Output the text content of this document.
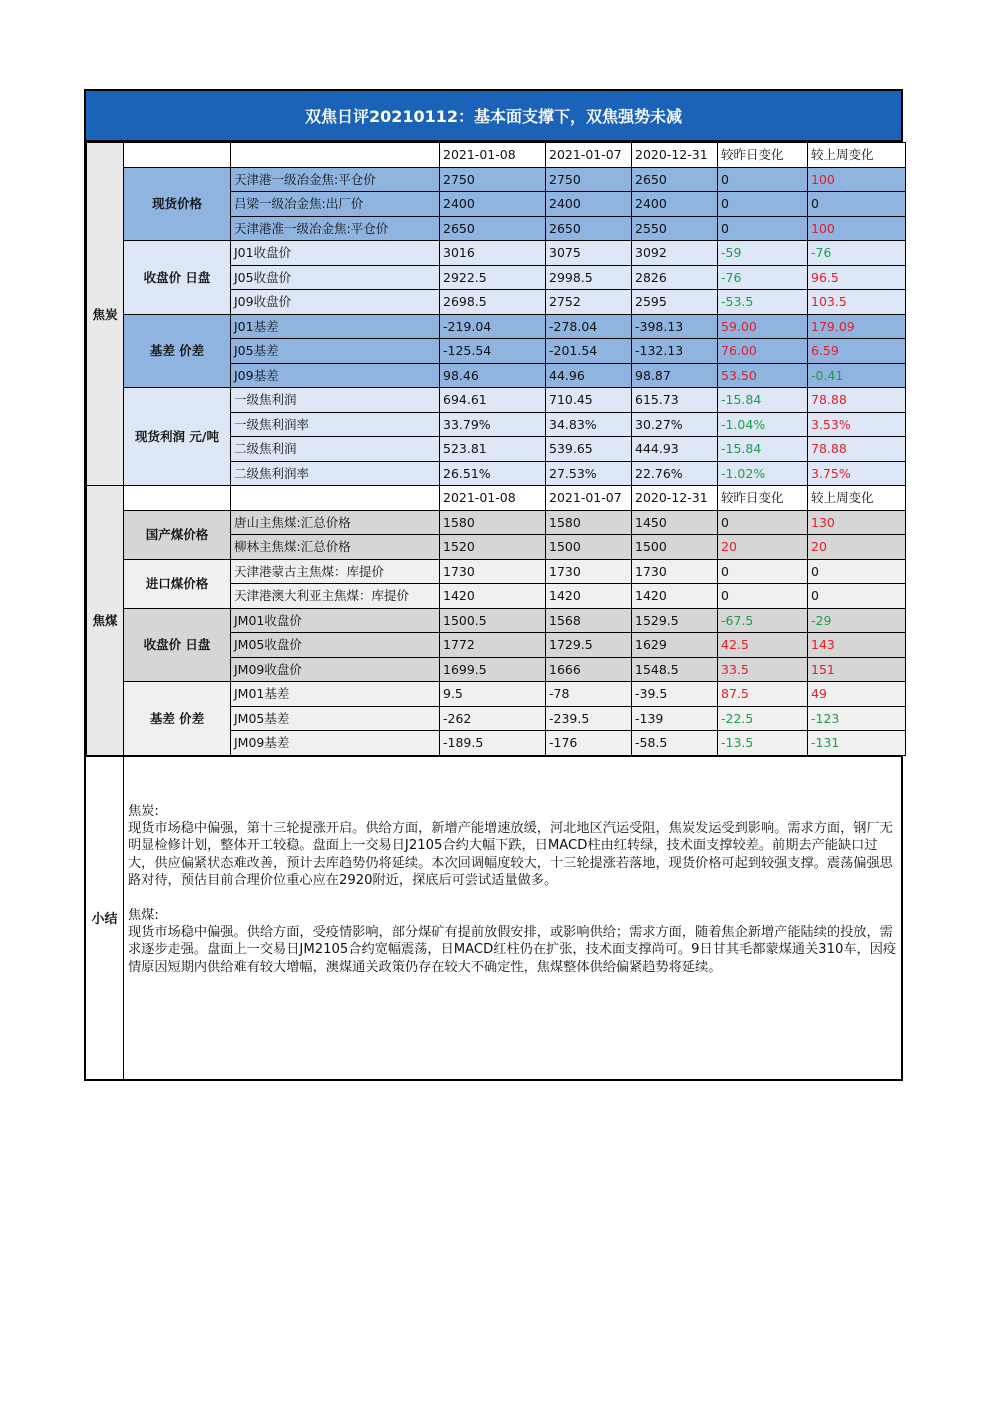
双焦日评20210112：基本面支撑下，双焦强势未减
焦炭			2021-01-08	2021-01-07	2020-12-31	较昨日变化	较上周变化
	现货价格	天津港一级冶金焦:平仓价	2750	2750	2650	0	100
		吕梁一级冶金焦:出厂价	2400	2400	2400	0	0
		天津港准一级冶金焦:平仓价	2650	2650	2550	0	100
	收盘价 日盘	J01收盘价	3016	3075	3092	-59	-76
		J05收盘价	2922.5	2998.5	2826	-76	96.5
		J09收盘价	2698.5	2752	2595	-53.5	103.5
	基差 价差	J01基差	-219.04	-278.04	-398.13	59.00	179.09
		J05基差	-125.54	-201.54	-132.13	76.00	6.59
		J09基差	98.46	44.96	98.87	53.50	-0.41
	现货利润 元/吨	一级焦利润	694.61	710.45	615.73	-15.84	78.88
		一级焦利润率	33.79%	34.83%	30.27%	-1.04%	3.53%
		二级焦利润	523.81	539.65	444.93	-15.84	78.88
		二级焦利润率	26.51%	27.53%	22.76%	-1.02%	3.75%
焦煤			2021-01-08	2021-01-07	2020-12-31	较昨日变化	较上周变化
	国产煤价格	唐山主焦煤:汇总价格	1580	1580	1450	0	130
		柳林主焦煤:汇总价格	1520	1500	1500	20	20
	进口煤价格	天津港蒙古主焦煤：库提价	1730	1730	1730	0	0
		天津港澳大利亚主焦煤：库提价	1420	1420	1420	0	0
	收盘价 日盘	JM01收盘价	1500.5	1568	1529.5	-67.5	-29
		JM05收盘价	1772	1729.5	1629	42.5	143
		JM09收盘价	1699.5	1666	1548.5	33.5	151
	基差 价差	JM01基差	9.5	-78	-39.5	87.5	49
		JM05基差	-262	-239.5	-139	-22.5	-123
		JM09基差	-189.5	-176	-58.5	-13.5	-131
小结

焦炭:

现货市场稳中偏强，第十三轮提涨开启。供给方面，新增产能增速放缓，河北地区汽运受阻，焦炭发运受到影响。需求方面，钢厂无明显检修计划，整体开工较稳。盘面上一交易日J2105合约大幅下跌，日MACD柱由红转绿，技术面支撑较差。前期去产能缺口过大，供应偏紧状态难改善，预计去库趋势仍将延续。本次回调幅度较大，十三轮提涨若落地，现货价格可起到较强支撑。震荡偏强思路对待，预估目前合理价位重心应在2920附近，探底后可尝试适量做多。

焦煤:

现货市场稳中偏强。供给方面，受疫情影响，部分煤矿有提前放假安排，或影响供给；需求方面，随着焦企新增产能陆续的投放，需求逐步走强。盘面上一交易日JM2105合约宽幅震荡，日MACD红柱仍在扩张，技术面支撑尚可。9日甘其毛都蒙煤通关310车，因疫情原因短期内供给难有较大增幅，澳煤通关政策仍存在较大不确定性，焦煤整体供给偏紧趋势将延续。
